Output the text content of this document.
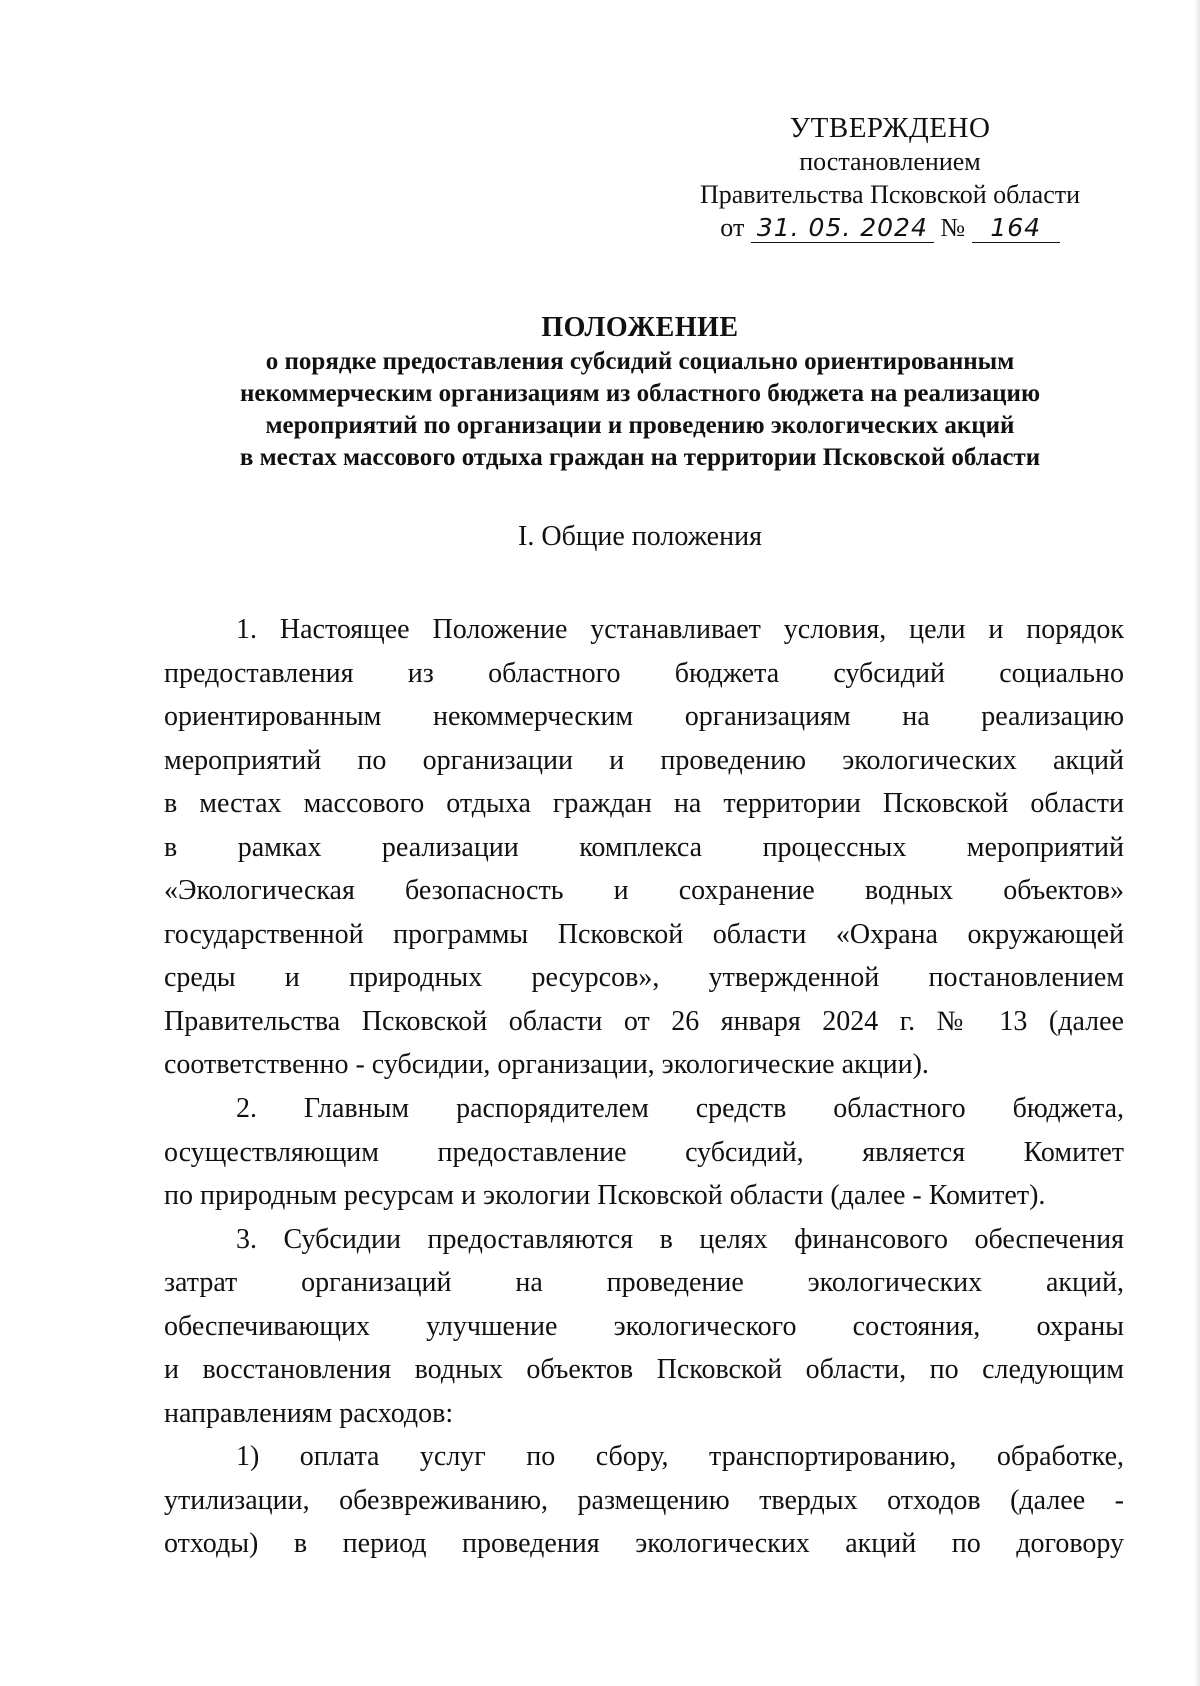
УТВЕРЖДЕНО
постановлением
Правительства Псковской области
от 31. 05. 2024 № 164
ПОЛОЖЕНИЕ
о порядке предоставления субсидий социально ориентированным
некоммерческим организациям из областного бюджета на реализацию
мероприятий по организации и проведению экологических акций
в местах массового отдыха граждан на территории Псковской области
I. Общие положения
1. Настоящее Положение устанавливает условия, цели и порядок
предоставления из областного бюджета субсидий социально
ориентированным некоммерческим организациям на реализацию
мероприятий по организации и проведению экологических акций
в местах массового отдыха граждан на территории Псковской области
в рамках реализации комплекса процессных мероприятий
«Экологическая безопасность и сохранение водных объектов»
государственной программы Псковской области «Охрана окружающей
среды и природных ресурсов», утвержденной постановлением
Правительства Псковской области от 26 января 2024 г. № 13 (далее
соответственно - субсидии, организации, экологические акции).
2. Главным распорядителем средств областного бюджета,
осуществляющим предоставление субсидий, является Комитет
по природным ресурсам и экологии Псковской области (далее - Комитет).
3. Субсидии предоставляются в целях финансового обеспечения
затрат организаций на проведение экологических акций,
обеспечивающих улучшение экологического состояния, охраны
и восстановления водных объектов Псковской области, по следующим
направлениям расходов:
1) оплата услуг по сбору, транспортированию, обработке,
утилизации, обезвреживанию, размещению твердых отходов (далее -
отходы) в период проведения экологических акций по договору
